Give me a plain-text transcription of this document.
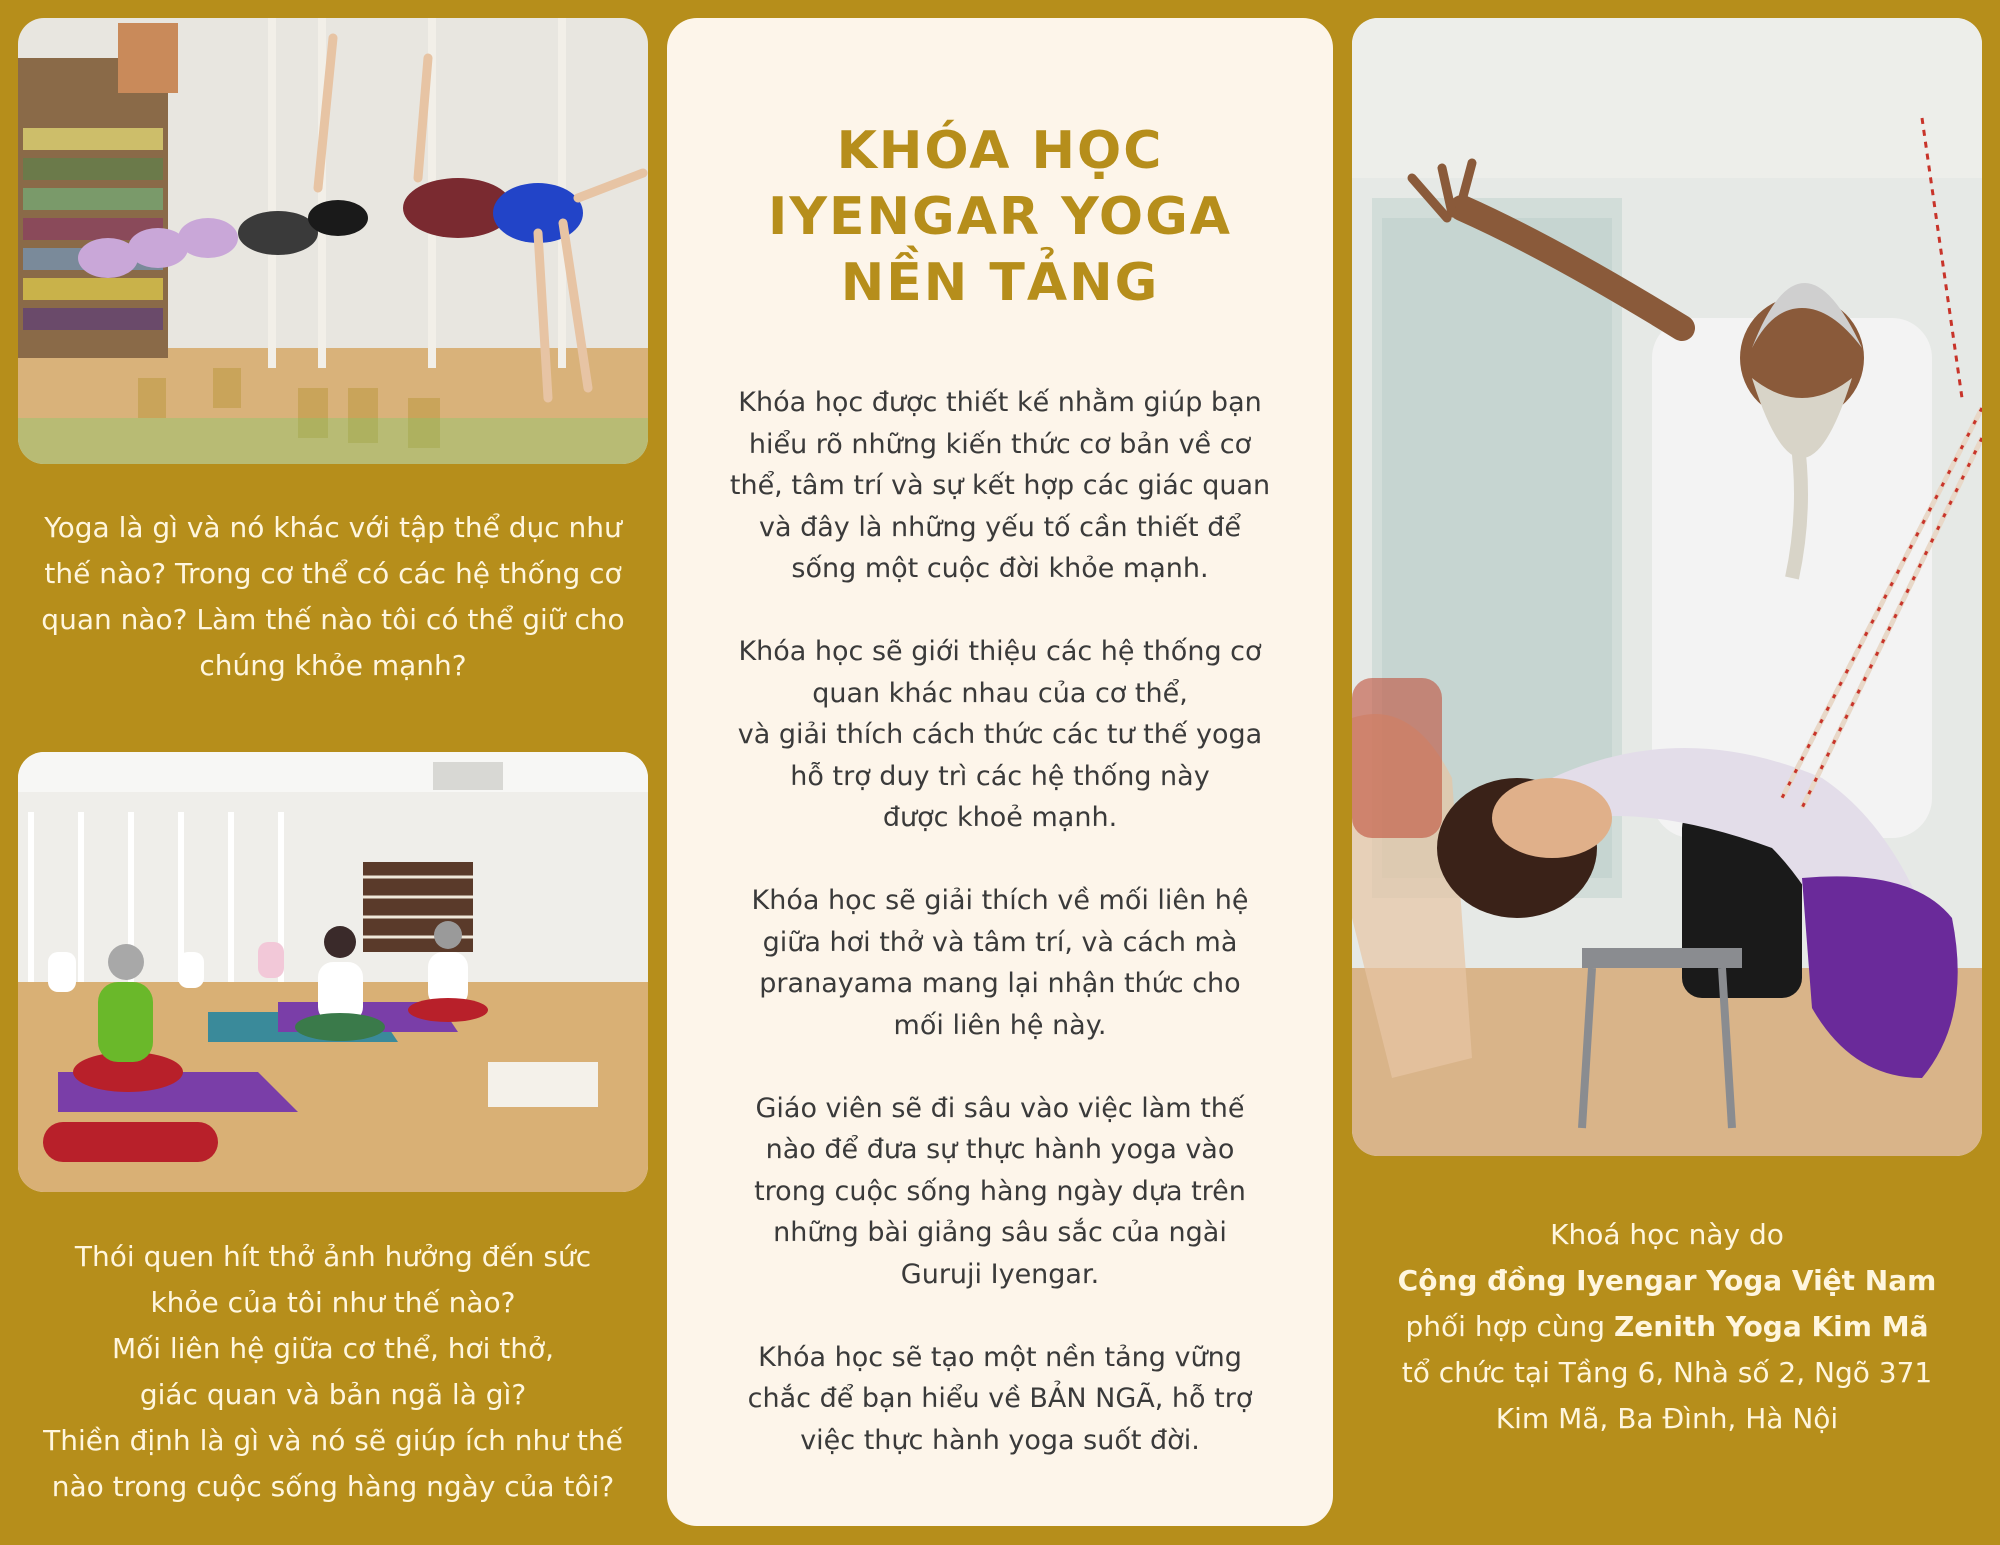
Yoga là gì và nó khác với tập thể dục như
thế nào? Trong cơ thể có các hệ thống cơ
quan nào? Làm thế nào tôi có thể giữ cho
chúng khỏe mạnh?
Thói quen hít thở ảnh hưởng đến sức
khỏe của tôi như thế nào?
Mối liên hệ giữa cơ thể, hơi thở,
giác quan và bản ngã là gì?
Thiền định là gì và nó sẽ giúp ích như thế
nào trong cuộc sống hàng ngày của tôi?
KHÓA HỌC
IYENGAR YOGA
NỀN TẢNG
Khóa học được thiết kế nhằm giúp bạn
hiểu rõ những kiến thức cơ bản về cơ
thể, tâm trí và sự kết hợp các giác quan
và đây là những yếu tố cần thiết để
sống một cuộc đời khỏe mạnh.
Khóa học sẽ giới thiệu các hệ thống cơ
quan khác nhau của cơ thể,
và giải thích cách thức các tư thế yoga
hỗ trợ duy trì các hệ thống này
được khoẻ mạnh.
Khóa học sẽ giải thích về mối liên hệ
giữa hơi thở và tâm trí, và cách mà
pranayama mang lại nhận thức cho
mối liên hệ này.
Giáo viên sẽ đi sâu vào việc làm thế
nào để đưa sự thực hành yoga vào
trong cuộc sống hàng ngày dựa trên
những bài giảng sâu sắc của ngài
Guruji Iyengar.
Khóa học sẽ tạo một nền tảng vững
chắc để bạn hiểu về BẢN NGÃ, hỗ trợ
việc thực hành yoga suốt đời.
Khoá học này do
Cộng đồng Iyengar Yoga Việt Nam
phối hợp cùng Zenith Yoga Kim Mã
tổ chức tại Tầng 6, Nhà số 2, Ngõ 371
Kim Mã, Ba Đình, Hà Nội
